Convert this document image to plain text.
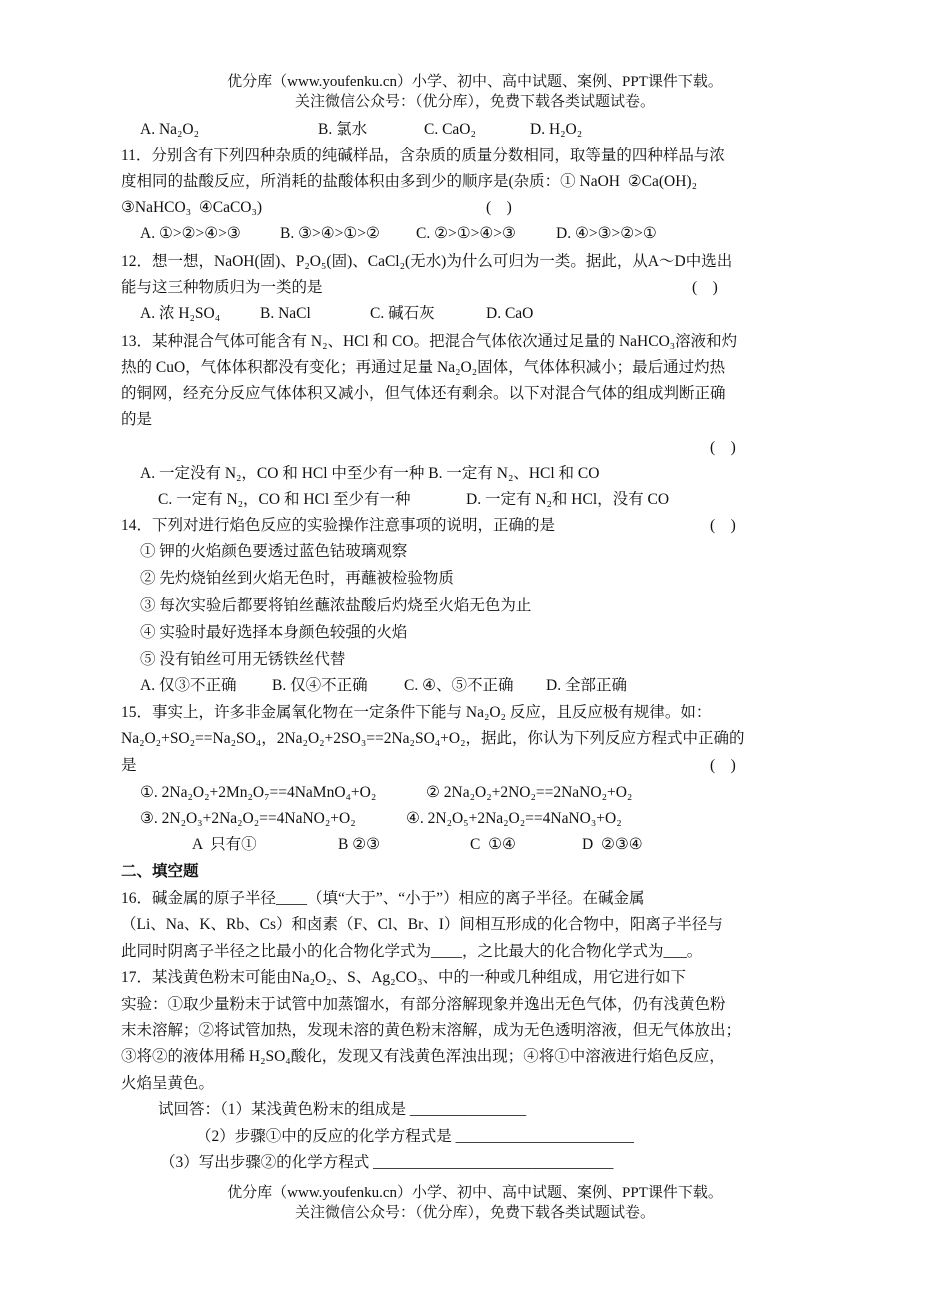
优分库（www.youfenku.cn）小学、初中、高中试题、案例、PPT课件下载。
关注微信公众号：（优分库），免费下载各类试题试卷。
A. Na₂O₂	B. 氯水	C. CaO₂	D. H₂O₂
11．分别含有下列四种杂质的纯碱样品，含杂质的质量分数相同，取等量的四种样品与浓
度相同的盐酸反应，所消耗的盐酸体积由多到少的顺序是(杂质：① NaOH  ②Ca(OH)₂
③NaHCO₃  ④CaCO₃)	(    )
A. ①>②>④>③	B. ③>④>①>② C. ②>①>④>③	D. ④>③>②>①
12．想一想，NaOH(固)、P₂O₅(固)、CaCl₂(无水)为什么可归为一类。据此，从A～D中选出
能与这三种物质归为一类的是	(    )
A. 浓 H₂SO₄	B. NaCl	C. 碱石灰	D. CaO
13．某种混合气体可能含有 N₂、HCl 和 CO。把混合气体依次通过足量的 NaHCO₃溶液和灼
热的 CuO，气体体积都没有变化；再通过足量 Na₂O₂固体，气体体积减小；最后通过灼热
的铜网，经充分反应气体体积又减小，但气体还有剩余。以下对混合气体的组成判断正确
的是
(    )
A. 一定没有 N₂，CO 和 HCl 中至少有一种 B. 一定有 N₂、HCl 和 CO
C. 一定有 N₂，CO 和 HCl 至少有一种	D. 一定有 N₂和 HCl，没有 CO
14．下列对进行焰色反应的实验操作注意事项的说明，正确的是	(    )
① 钾的火焰颜色要透过蓝色钴玻璃观察
② 先灼烧铂丝到火焰无色时，再蘸被检验物质
③ 每次实验后都要将铂丝蘸浓盐酸后灼烧至火焰无色为止
④ 实验时最好选择本身颜色较强的火焰
⑤ 没有铂丝可用无锈铁丝代替
A. 仅③不正确 B. 仅④不正确 C. ④、⑤不正确 D. 全部正确
15．事实上，许多非金属氧化物在一定条件下能与 Na₂O₂ 反应，且反应极有规律。如：
Na₂O₂+SO₂==Na₂SO₄，2Na₂O₂+2SO₃==2Na₂SO₄+O₂，据此，你认为下列反应方程式中正确的
是	(    )
①. 2Na₂O₂+2Mn₂O₇==4NaMnO₄+O₂	② 2Na₂O₂+2NO₂==2NaNO₂+O₂
③. 2N₂O₃+2Na₂O₂==4NaNO₂+O₂	④. 2N₂O₅+2Na₂O₂==4NaNO₃+O₂
A  只有①	B ②③	C  ①④	D  ②③④
二、填空题
16．碱金属的原子半径____（填“大于”、“小于”）相应的离子半径。在碱金属
（Li、Na、K、Rb、Cs）和卤素（F、Cl、Br、I）间相互形成的化合物中，阳离子半径与
此同时阴离子半径之比最小的化合物化学式为____，之比最大的化合物化学式为___。
17．某浅黄色粉末可能由Na₂O₂、S、Ag₂CO₃、中的一种或几种组成，用它进行如下
实验：①取少量粉末于试管中加蒸馏水，有部分溶解现象并逸出无色气体，仍有浅黄色粉
末未溶解；②将试管加热，发现未溶的黄色粉末溶解，成为无色透明溶液，但无气体放出；
③将②的液体用稀 H₂SO₄酸化，发现又有浅黄色浑浊出现；④将①中溶液进行焰色反应，
火焰呈黄色。
试回答：（1）某浅黄色粉末的组成是 _______________
（2）步骤①中的反应的化学方程式是 _______________________
（3）写出步骤②的化学方程式 _______________________________
优分库（www.youfenku.cn）小学、初中、高中试题、案例、PPT课件下载。
关注微信公众号：（优分库），免费下载各类试题试卷。
